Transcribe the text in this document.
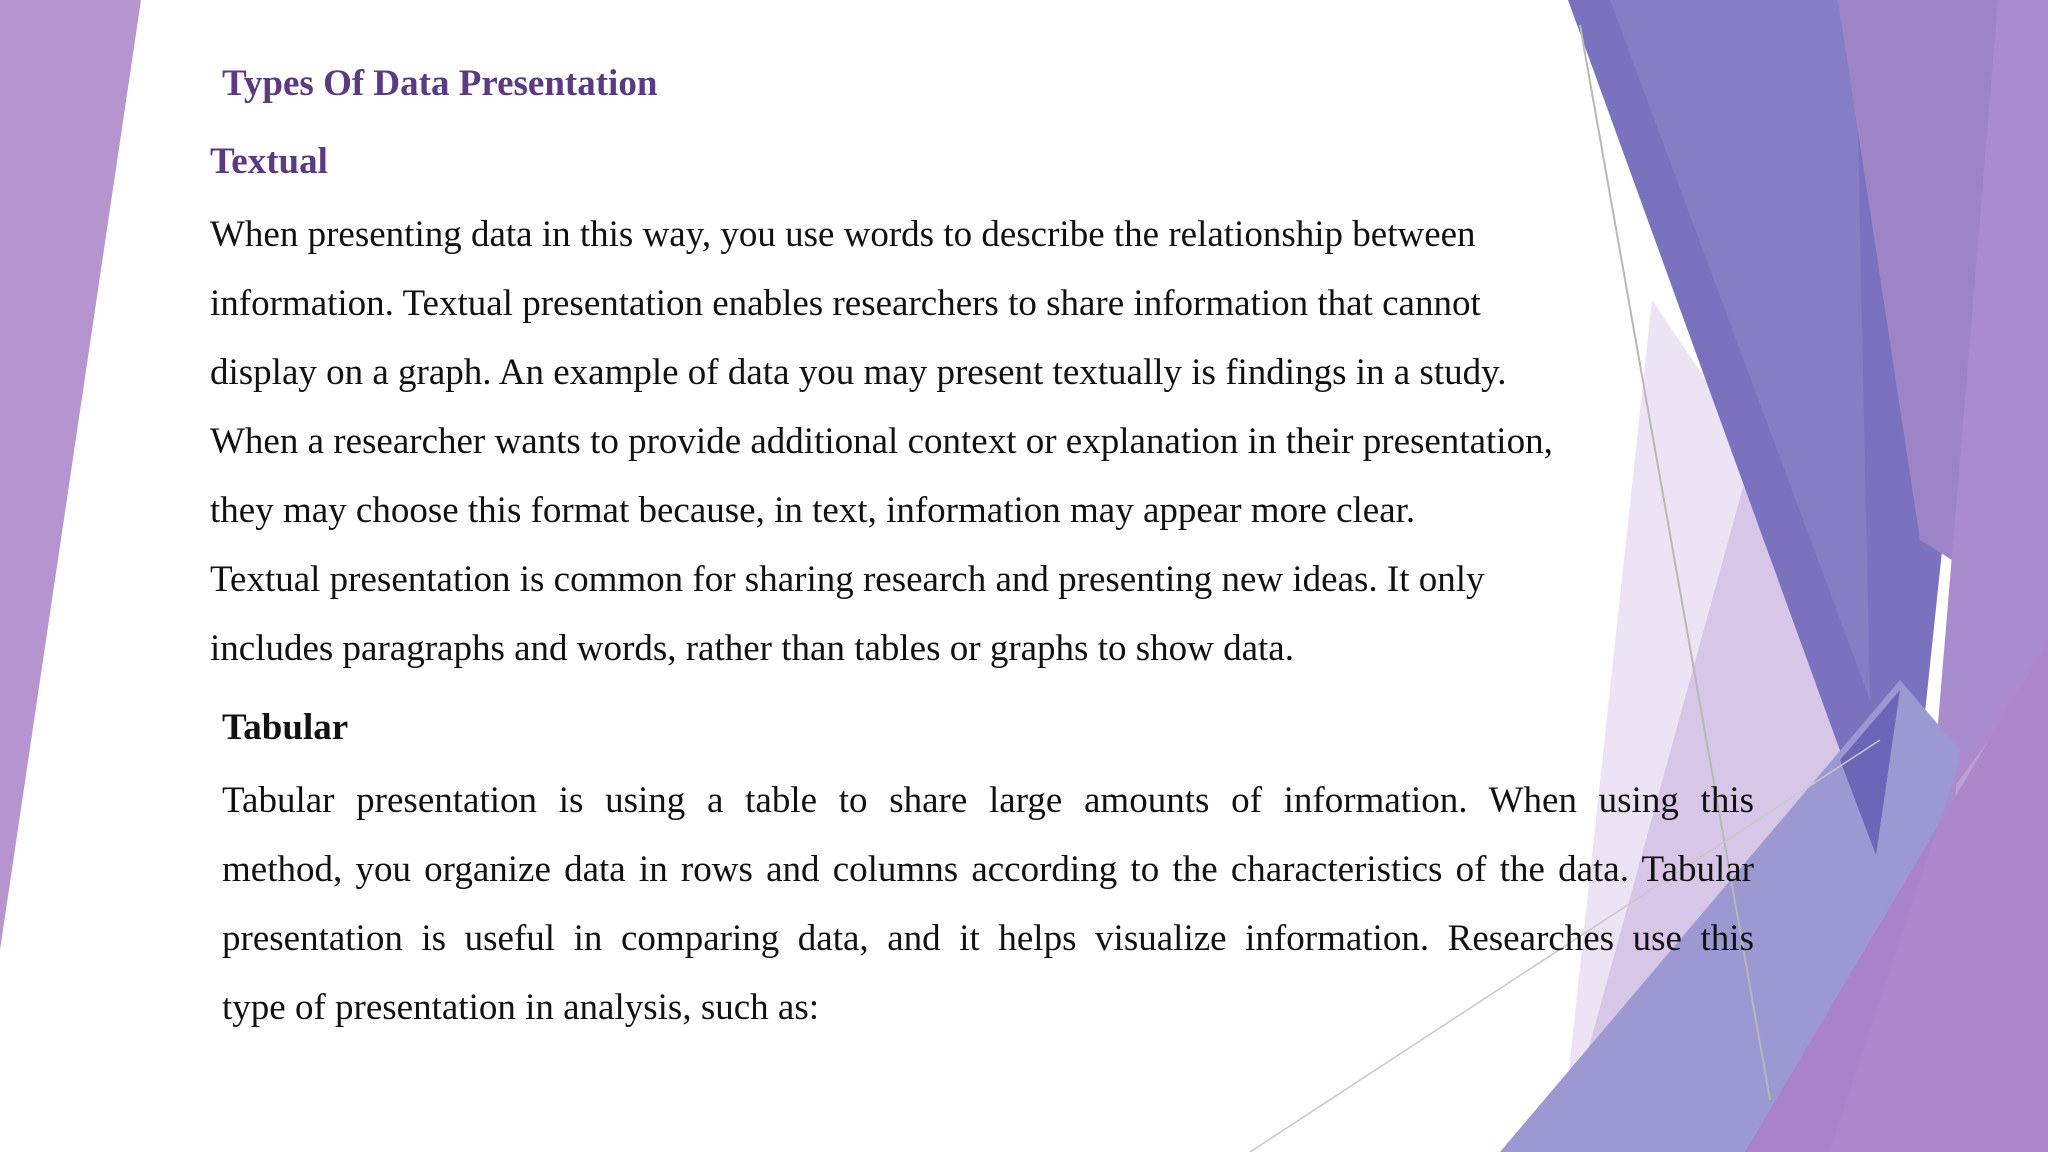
Types Of Data Presentation
Textual
When presenting data in this way, you use words to describe the relationship between
information. Textual presentation enables researchers to share information that cannot
display on a graph. An example of data you may present textually is findings in a study.
When a researcher wants to provide additional context or explanation in their presentation,
they may choose this format because, in text, information may appear more clear.
Textual presentation is common for sharing research and presenting new ideas. It only
includes paragraphs and words, rather than tables or graphs to show data.
Tabular
Tabular presentation is using a table to share large amounts of information. When using this
method, you organize data in rows and columns according to the characteristics of the data. Tabular
presentation is useful in comparing data, and it helps visualize information. Researches use this
type of presentation in analysis, such as:
